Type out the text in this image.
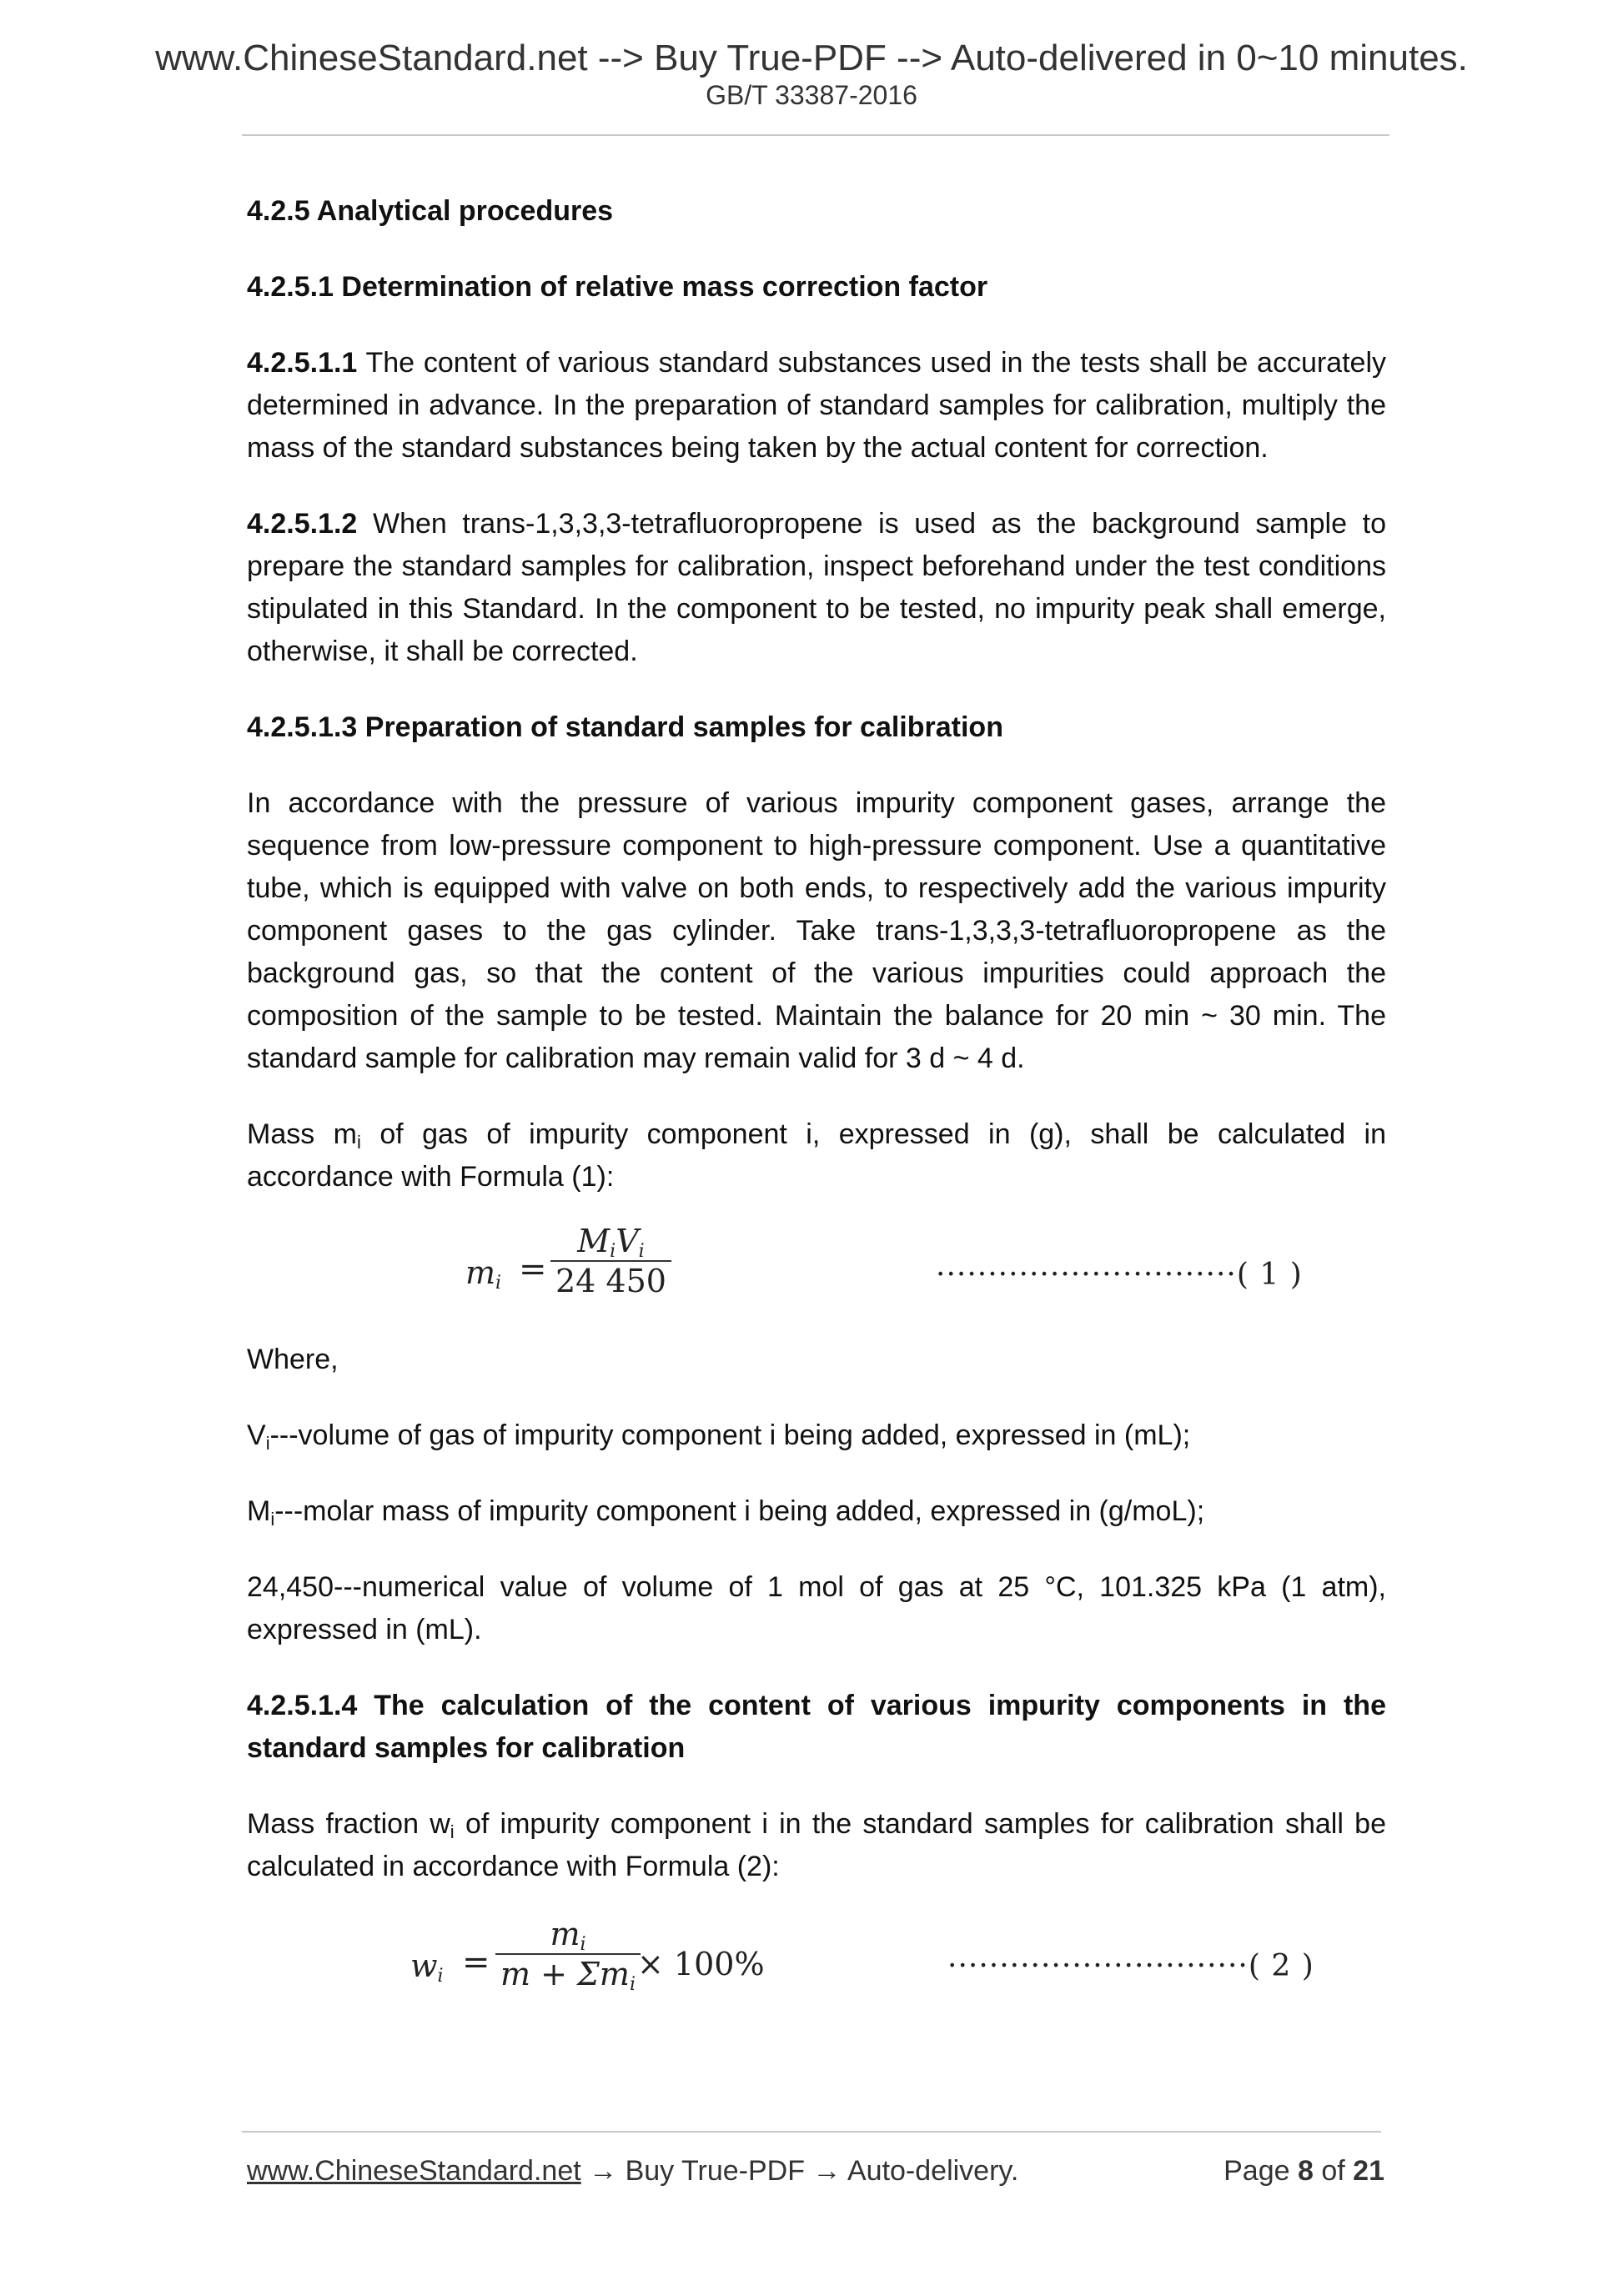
www.ChineseStandard.net --> Buy True-PDF --> Auto-delivered in 0~10 minutes.
GB/T 33387-2016

4.2.5 Analytical procedures

4.2.5.1 Determination of relative mass correction factor

4.2.5.1.1 The content of various standard substances used in the tests shall be accurately determined in advance. In the preparation of standard samples for calibration, multiply the mass of the standard substances being taken by the actual content for correction.

4.2.5.1.2 When trans-1,3,3,3-tetrafluoropropene is used as the background sample to prepare the standard samples for calibration, inspect beforehand under the test conditions stipulated in this Standard. In the component to be tested, no impurity peak shall emerge, otherwise, it shall be corrected.

4.2.5.1.3 Preparation of standard samples for calibration

In accordance with the pressure of various impurity component gases, arrange the sequence from low-pressure component to high-pressure component. Use a quantitative tube, which is equipped with valve on both ends, to respectively add the various impurity component gases to the gas cylinder. Take trans-1,3,3,3-tetrafluoropropene as the background gas, so that the content of the various impurities could approach the composition of the sample to be tested. Maintain the balance for 20 min ~ 30 min. The standard sample for calibration may remain valid for 3 d ~ 4 d.

Mass $m_i$ of gas of impurity component i, expressed in (g), shall be calculated in accordance with Formula (1):

$m_i$ =
$M_iV_i$
24 450	·····························( 1 )

Where,

$V_i--$-volume of gas of impurity component i being added, expressed in (mL);

$M_i--$-molar mass of impurity component i being added, expressed in (g/moL);

24,450---numerical value of volume of 1 mol of gas at 25 °C, 101.325 kPa (1 atm), expressed in (mL).

4.2.5.1.4 The calculation of the content of various impurity components in the standard samples for calibration

Mass fraction $w_i$ of impurity component i in the standard samples for calibration shall be calculated in accordance with Formula (2):

$w_i$ =
$m_i$
$m + \Sigma m_i$
× 100%	·····························( 2 )
www.ChineseStandard.net → Buy True-PDF → Auto-delivery.	Page 8 of 21
